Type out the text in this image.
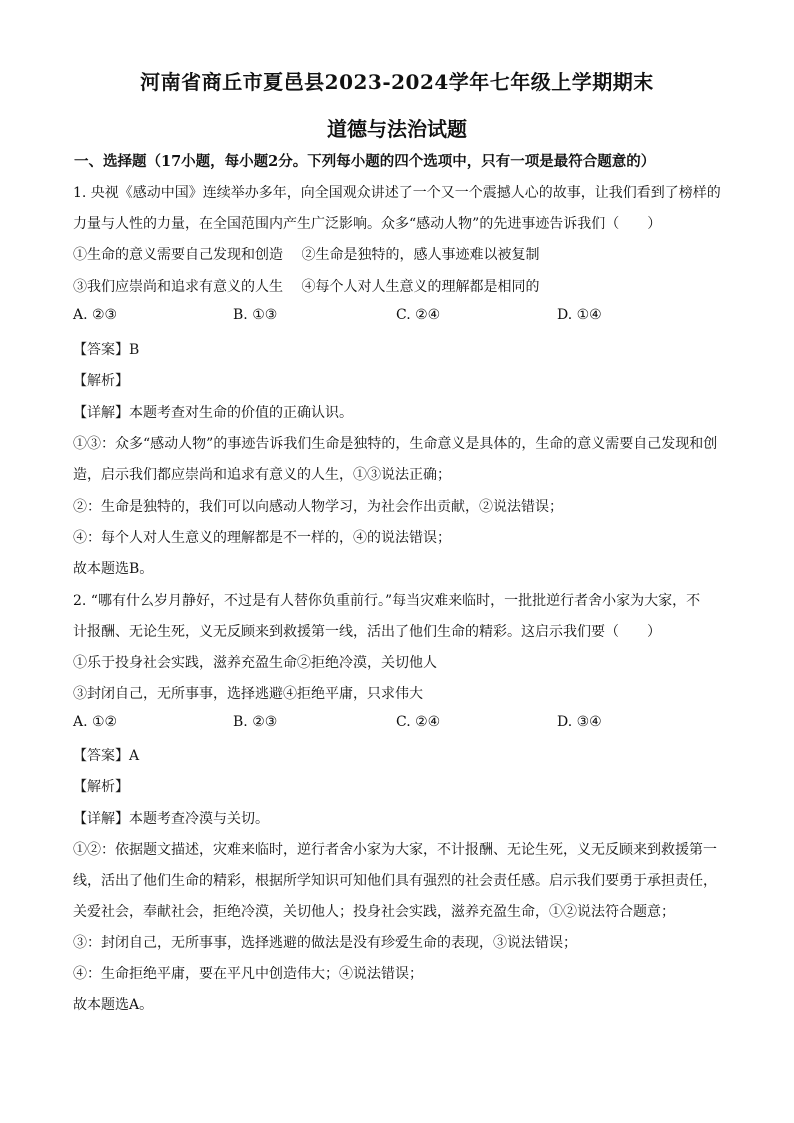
河南省商丘市夏邑县2023-2024学年七年级上学期期末
道德与法治试题
一、选择题（17小题，每小题2分。下列每小题的四个选项中，只有一项是最符合题意的）
1. 央视《感动中国》连续举办多年，向全国观众讲述了一个又一个震撼人心的故事，让我们看到了榜样的
力量与人性的力量，在全国范围内产生广泛影响。众多“感动人物”的先进事迹告诉我们（　　）
①生命的意义需要自己发现和创造　 ②生命是独特的，感人事迹难以被复制
③我们应崇尚和追求有意义的人生　 ④每个人对人生意义的理解都是相同的
A. ②③	B. ①③	C. ②④	D. ①④
【答案】B
【解析】
【详解】本题考查对生命的价值的正确认识。
①③：众多“感动人物”的事迹告诉我们生命是独特的，生命意义是具体的，生命的意义需要自己发现和创
造，启示我们都应崇尚和追求有意义的人生，①③说法正确；
②：生命是独特的，我们可以向感动人物学习，为社会作出贡献，②说法错误；
④：每个人对人生意义的理解都是不一样的，④的说法错误；
故本题选B。
2. “哪有什么岁月静好，不过是有人替你负重前行。”每当灾难来临时，一批批逆行者舍小家为大家，不
计报酬、无论生死，义无反顾来到救援第一线，活出了他们生命的精彩。这启示我们要（　　）
①乐于投身社会实践，滋养充盈生命②拒绝冷漠，关切他人
③封闭自己，无所事事，选择逃避④拒绝平庸，只求伟大
A. ①②	B. ②③	C. ②④	D. ③④
【答案】A
【解析】
【详解】本题考查冷漠与关切。
①②：依据题文描述，灾难来临时，逆行者舍小家为大家，不计报酬、无论生死，义无反顾来到救援第一
线，活出了他们生命的精彩，根据所学知识可知他们具有强烈的社会责任感。启示我们要勇于承担责任，
关爱社会，奉献社会，拒绝冷漠，关切他人；投身社会实践，滋养充盈生命，①②说法符合题意；
③：封闭自己，无所事事，选择逃避的做法是没有珍爱生命的表现，③说法错误；
④：生命拒绝平庸，要在平凡中创造伟大；④说法错误；
故本题选A。
